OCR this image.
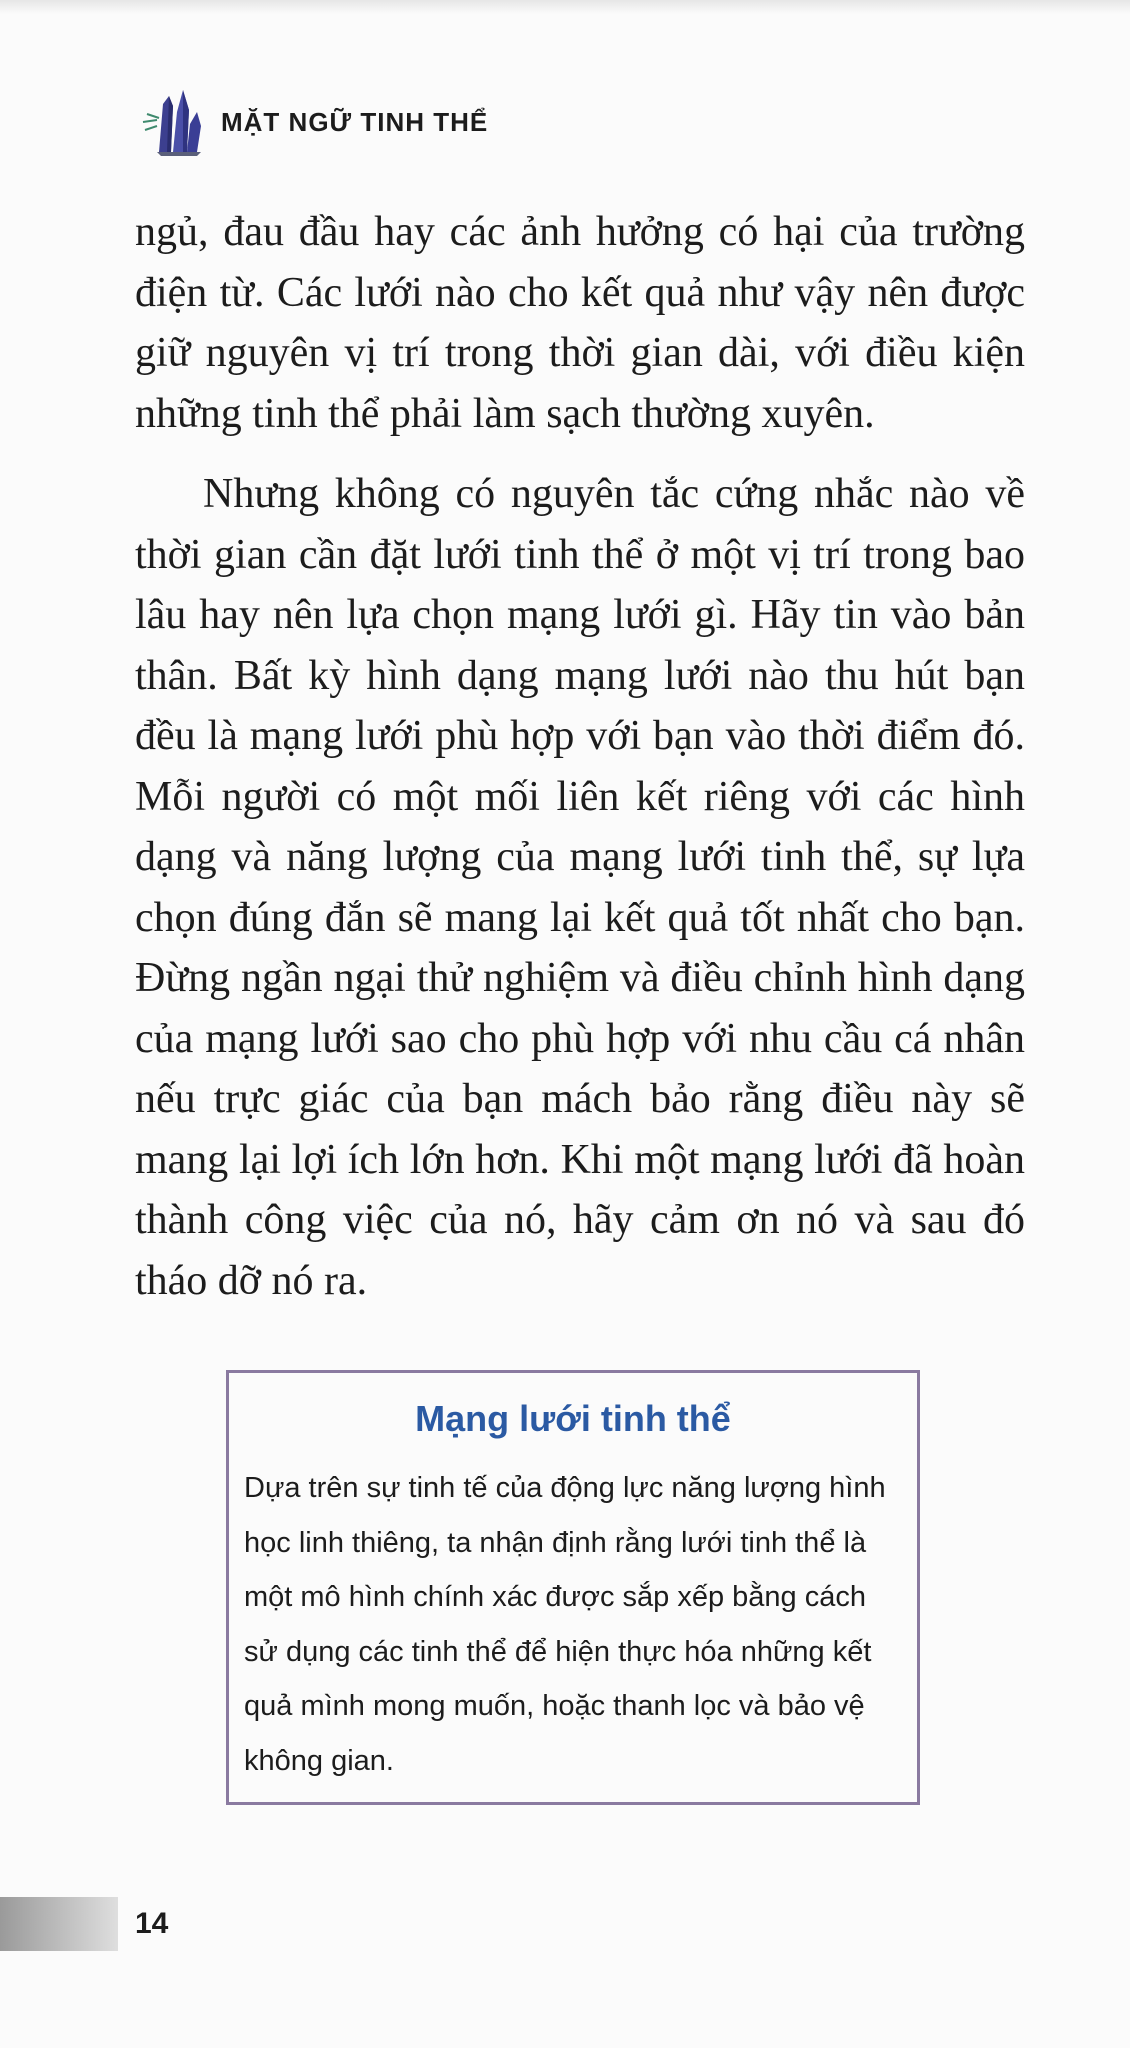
MẶT NGỮ TINH THỂ

ngủ, đau đầu hay các ảnh hưởng có hại của trường điện từ. Các lưới nào cho kết quả như vậy nên được giữ nguyên vị trí trong thời gian dài, với điều kiện những tinh thể phải làm sạch thường xuyên.

Nhưng không có nguyên tắc cứng nhắc nào về thời gian cần đặt lưới tinh thể ở một vị trí trong bao lâu hay nên lựa chọn mạng lưới gì. Hãy tin vào bản thân. Bất kỳ hình dạng mạng lưới nào thu hút bạn đều là mạng lưới phù hợp với bạn vào thời điểm đó. Mỗi người có một mối liên kết riêng với các hình dạng và năng lượng của mạng lưới tinh thể, sự lựa chọn đúng đắn sẽ mang lại kết quả tốt nhất cho bạn. Đừng ngần ngại thử nghiệm và điều chỉnh hình dạng của mạng lưới sao cho phù hợp với nhu cầu cá nhân nếu trực giác của bạn mách bảo rằng điều này sẽ mang lại lợi ích lớn hơn. Khi một mạng lưới đã hoàn thành công việc của nó, hãy cảm ơn nó và sau đó tháo dỡ nó ra.

Mạng lưới tinh thể
Dựa trên sự tinh tế của động lực năng lượng hình học linh thiêng, ta nhận định rằng lưới tinh thể là một mô hình chính xác được sắp xếp bằng cách sử dụng các tinh thể để hiện thực hóa những kết quả mình mong muốn, hoặc thanh lọc và bảo vệ không gian.
14
